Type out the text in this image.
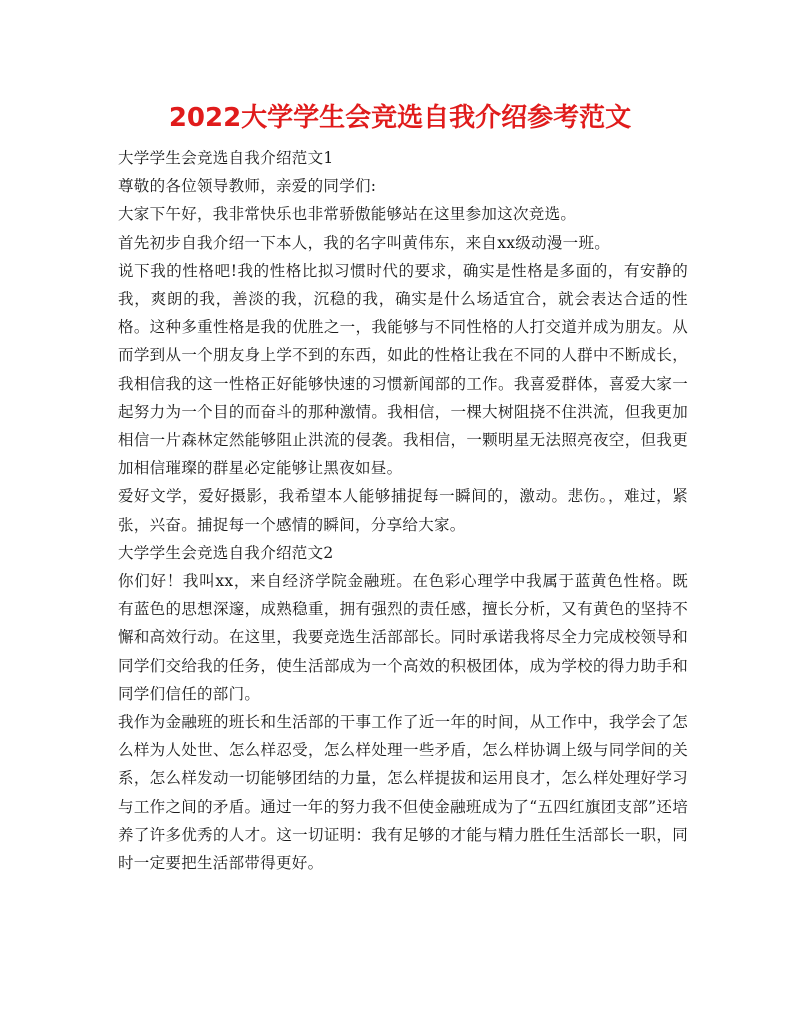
2022大学学生会竞选自我介绍参考范文

大学学生会竞选自我介绍范文1

尊敬的各位领导教师，亲爱的同学们:

大家下午好，我非常快乐也非常骄傲能够站在这里参加这次竞选。

首先初步自我介绍一下本人，我的名字叫黄伟东，来自xx级动漫一班。

说下我的性格吧!我的性格比拟习惯时代的要求，确实是性格是多面的，有安静的我，爽朗的我，善淡的我，沉稳的我，确实是什么场适宜合，就会表达合适的性格。这种多重性格是我的优胜之一，我能够与不同性格的人打交道并成为朋友。从而学到从一个朋友身上学不到的东西，如此的性格让我在不同的人群中不断成长，我相信我的这一性格正好能够快速的习惯新闻部的工作。我喜爱群体，喜爱大家一起努力为一个目的而奋斗的那种激情。我相信，一棵大树阻挠不住洪流，但我更加相信一片森林定然能够阻止洪流的侵袭。我相信，一颗明星无法照亮夜空，但我更加相信璀璨的群星必定能够让黑夜如昼。

爱好文学，爱好摄影，我希望本人能够捕捉每一瞬间的，激动。悲伤。，难过，紧张，兴奋。捕捉每一个感情的瞬间，分享给大家。

大学学生会竞选自我介绍范文2

你们好！我叫xx，来自经济学院金融班。在色彩心理学中我属于蓝黄色性格。既有蓝色的思想深邃，成熟稳重，拥有强烈的责任感，擅长分析，又有黄色的坚持不懈和高效行动。在这里，我要竞选生活部部长。同时承诺我将尽全力完成校领导和同学们交给我的任务，使生活部成为一个高效的积极团体，成为学校的得力助手和同学们信任的部门。

我作为金融班的班长和生活部的干事工作了近一年的时间，从工作中，我学会了怎么样为人处世、怎么样忍受，怎么样处理一些矛盾，怎么样协调上级与同学间的关系，怎么样发动一切能够团结的力量，怎么样提拔和运用良才，怎么样处理好学习与工作之间的矛盾。通过一年的努力我不但使金融班成为了“五四红旗团支部”还培养了许多优秀的人才。这一切证明：我有足够的才能与精力胜任生活部长一职，同时一定要把生活部带得更好。
